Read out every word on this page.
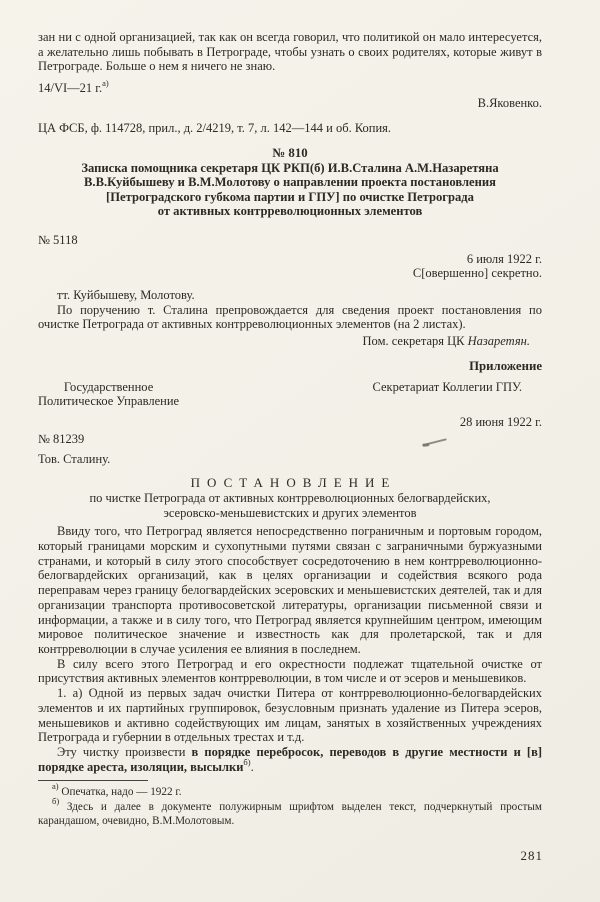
зан ни с одной организацией, так как он всегда говорил, что политикой он мало интересуется, а желательно лишь побывать в Петрограде, чтобы узнать о своих родителях, которые живут в Петрограде. Больше о нем я ничего не знаю.

14/VI—21 г.$^{а)}$
В.Яковенко.
ЦА ФСБ, ф. 114728, прил., д. 2/4219, т. 7, л. 142—144 и об. Копия.
№ 810
Записка помощника секретаря ЦК РКП(б) И.В.Сталина А.М.Назаретяна
В.В.Куйбышеву и В.М.Молотову о направлении проекта постановления
[Петроградского губкома партии и ГПУ] по очистке Петрограда
от активных контрреволюционных элементов
№ 5118
6 июля 1922 г.
С[овершенно] секретно.
тт. Куйбышеву, Молотову.

По поручению т. Сталина препровождается для сведения проект постановления по очистке Петрограда от активных контрреволюционных элементов (на 2 листах).

Пом. секретаря ЦК Назаретян.
Приложение
Государственное
Политическое Управление
Секретариат Коллегии ГПУ.
28 июня 1922 г.
№ 81239
Тов. Сталину.
ПОСТАНОВЛЕНИЕ
по чистке Петрограда от активных контрреволюционных белогвардейских,
эсеровско-меньшевистских и других элементов

Ввиду того, что Петроград является непосредственно пограничным и портовым городом, который границами морским и сухопутными путями связан с заграничными буржуазными странами, и который в силу этого способствует сосредоточению в нем контрреволюционно-белогвардейских организаций, как в целях организации и содействия всякого рода переправам через границу белогвардейских эсеровских и меньшевистских деятелей, так и для организации транспорта противосоветской литературы, организации письменной связи и информации, а также и в силу того, что Петроград является крупнейшим центром, имеющим мировое политическое значение и известность как для пролетарской, так и для контрреволюции в случае усиления ее влияния в последнем.

В силу всего этого Петроград и его окрестности подлежат тщательной очистке от присутствия активных элементов контрреволюции, в том числе и от эсеров и меньшевиков.

1. а) Одной из первых задач очистки Питера от контрреволюционно-белогвардейских элементов и их партийных группировок, безусловным признать удаление из Питера эсеров, меньшевиков и активно содействующих им лицам, занятых в хозяйственных учреждениях Петрограда и губернии в отдельных трестах и т.д.

Эту чистку произвести в порядке перебросок, переводов в другие местности и [в] порядке ареста, изоляции, высылки$^{б)}$.

$^{а)}$ Опечатка, надо — 1922 г.

$^{б)}$ Здесь и далее в документе полужирным шрифтом выделен текст, подчеркнутый простым карандашом, очевидно, В.М.Молотовым.

281
